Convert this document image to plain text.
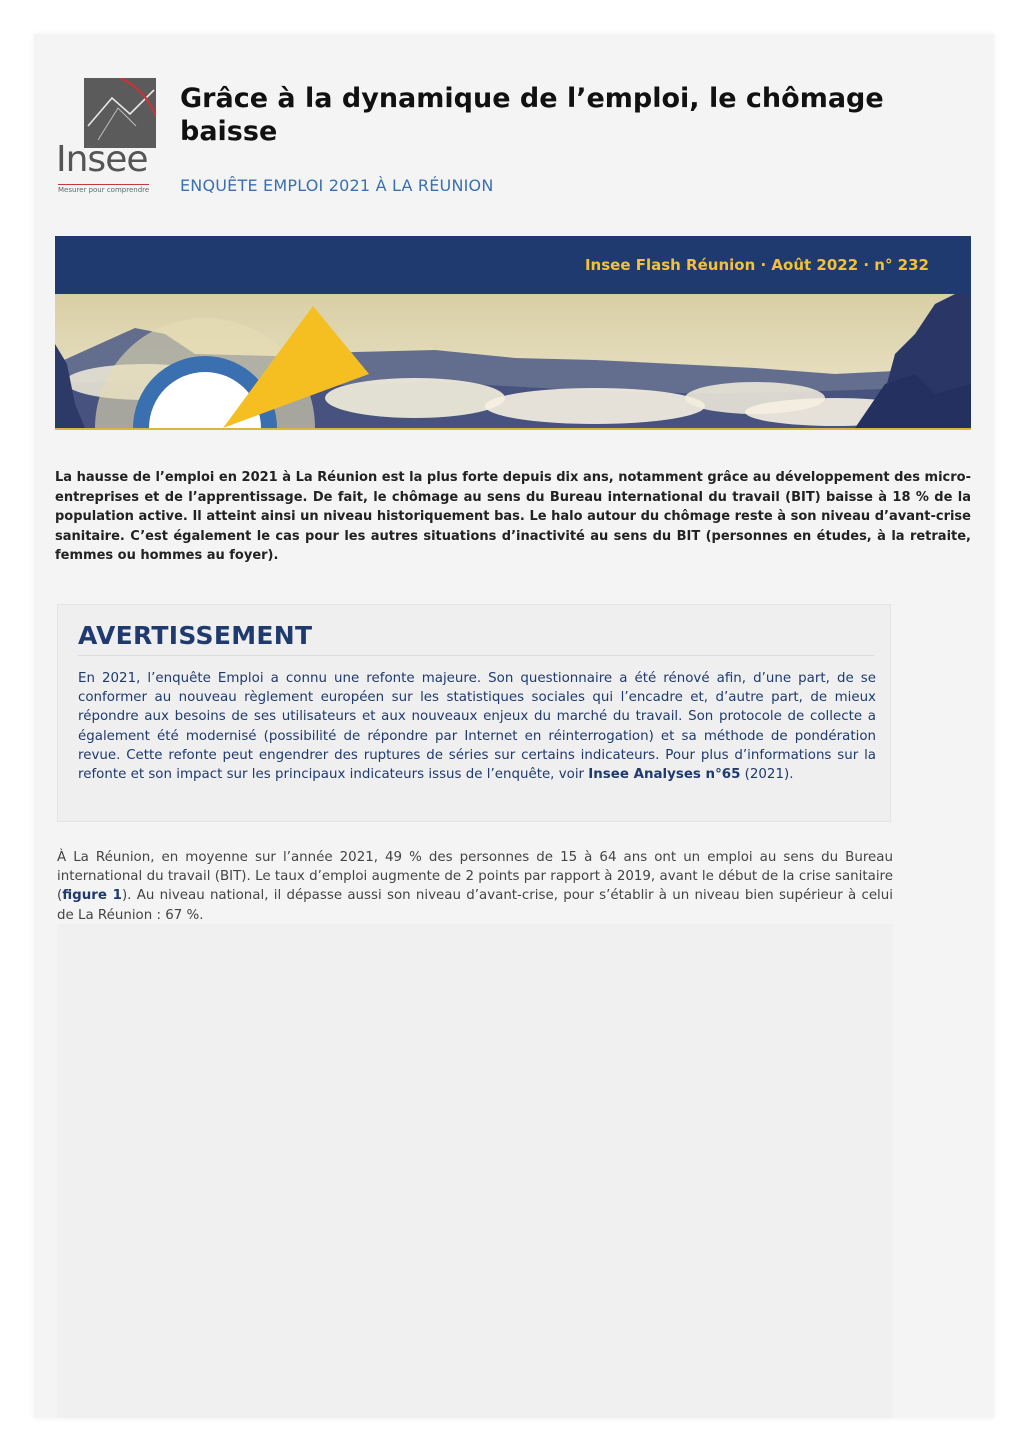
Insee
Mesurer pour comprendre
Grâce à la dynamique de l’emploi, le chômage baisse
ENQUÊTE EMPLOI 2021 À LA RÉUNION
Insee Flash Réunion · Août 2022 · n° 232
La hausse de l’emploi en 2021 à La Réunion est la plus forte depuis dix ans, notamment grâce au développement des micro-entreprises et de l’apprentissage. De fait, le chômage au sens du Bureau international du travail (BIT) baisse à 18 % de la population active. Il atteint ainsi un niveau historiquement bas. Le halo autour du chômage reste à son niveau d’avant-crise sanitaire. C’est également le cas pour les autres situations d’inactivité au sens du BIT (personnes en études, à la retraite, femmes ou hommes au foyer).
AVERTISSEMENT
En 2021, l’enquête Emploi a connu une refonte majeure. Son questionnaire a été rénové afin, d’une part, de se conformer au nouveau règlement européen sur les statistiques sociales qui l’encadre et, d’autre part, de mieux répondre aux besoins de ses utilisateurs et aux nouveaux enjeux du marché du travail. Son protocole de collecte a également été modernisé (possibilité de répondre par Internet en réinterrogation) et sa méthode de pondération revue. Cette refonte peut engendrer des ruptures de séries sur certains indicateurs. Pour plus d’informations sur la refonte et son impact sur les principaux indicateurs issus de l’enquête, voir Insee Analyses n°65 (2021).
À La Réunion, en moyenne sur l’année 2021, 49 % des personnes de 15 à 64 ans ont un emploi au sens du Bureau international du travail (BIT). Le taux d’emploi augmente de 2 points par rapport à 2019, avant le début de la crise sanitaire (figure 1). Au niveau national, il dépasse aussi son niveau d’avant-crise, pour s’établir à un niveau bien supérieur à celui de La Réunion : 67 %.
